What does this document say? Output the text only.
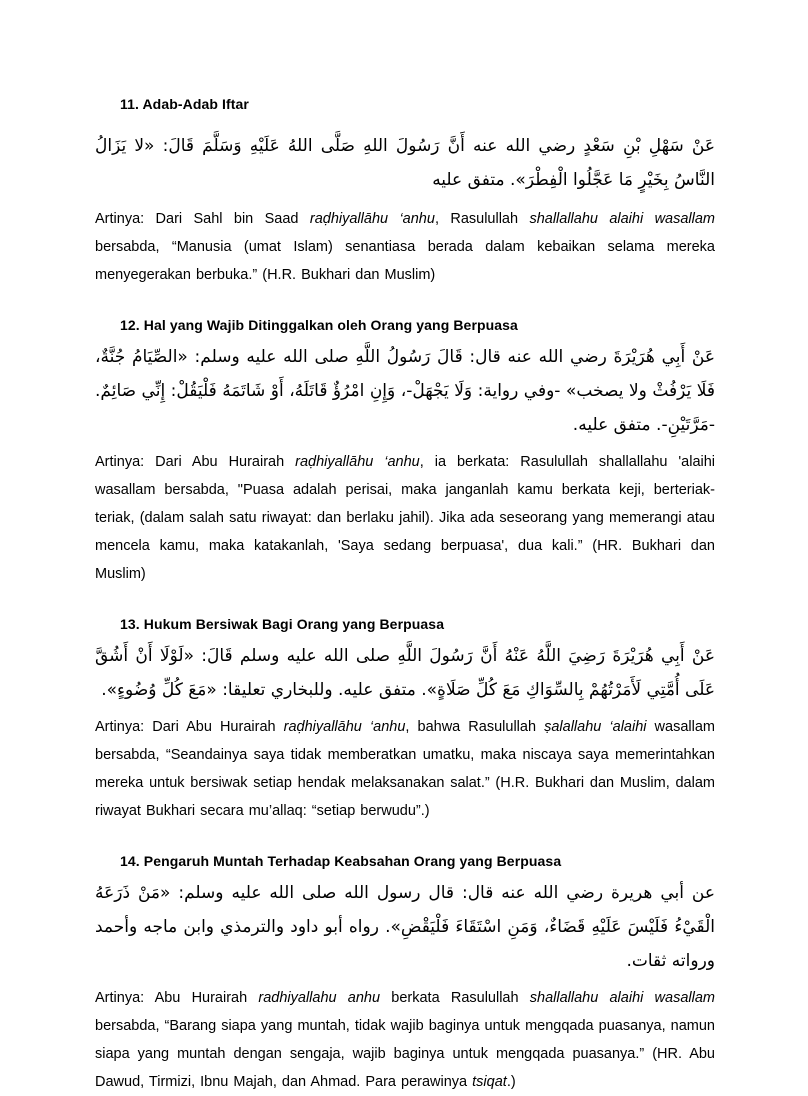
11. Adab-Adab Iftar

عَنْ سَهْلِ بْنِ سَعْدٍ رضي الله عنه أَنَّ رَسُولَ اللهِ صَلَّى اللهُ عَلَيْهِ وَسَلَّمَ قَالَ: «لا يَزَالُ النَّاسُ بِخَيْرٍ مَا عَجَّلُوا الْفِطْرَ». متفق عليه

Artinya: Dari Sahl bin Saad raḍhiyallāhu ‘anhu, Rasulullah shallallahu alaihi wasallam bersabda, “Manusia (umat Islam) senantiasa berada dalam kebaikan selama mereka menyegerakan berbuka.” (H.R. Bukhari dan Muslim)

12. Hal yang Wajib Ditinggalkan oleh Orang yang Berpuasa

عَنْ أَبِي هُرَيْرَةَ رضي الله عنه قال: قَالَ رَسُولُ اللَّهِ صلى الله عليه وسلم: «الصِّيَامُ جُنَّةٌ، فَلَا يَرْفُثْ ولا يصخب» -وفي رواية: وَلَا يَجْهَلْ-، وَإِنِ امْرُؤٌ قَاتَلَهُ، أَوْ شَاتَمَهُ فَلْيَقُلْ: إِنِّي صَائِمٌ. -مَرَّتَيْنِ-. متفق عليه.

Artinya: Dari Abu Hurairah raḍhiyallāhu ‘anhu, ia berkata: Rasulullah shallallahu 'alaihi wasallam bersabda, "Puasa adalah perisai, maka janganlah kamu berkata keji, berteriak-teriak, (dalam salah satu riwayat: dan berlaku jahil). Jika ada seseorang yang memerangi atau mencela kamu, maka katakanlah, 'Saya sedang berpuasa', dua kali.” (HR. Bukhari dan Muslim)

13. Hukum Bersiwak Bagi Orang yang Berpuasa

عَنْ أَبِي هُرَيْرَةَ رَضِيَ اللَّهُ عَنْهُ أَنَّ رَسُولَ اللَّهِ صلى الله عليه وسلم قَالَ: «لَوْلَا أَنْ أَشُقَّ عَلَى أُمَّتِي لَأَمَرْتُهُمْ بِالسِّوَاكِ مَعَ كُلِّ صَلَاةٍ». متفق عليه. وللبخاري تعليقا: «مَعَ كُلِّ وُضُوءٍ».

Artinya: Dari Abu Hurairah raḍhiyallāhu ‘anhu, bahwa Rasulullah ṣalallahu ‘alaihi wasallam bersabda, “Seandainya saya tidak memberatkan umatku, maka niscaya saya memerintahkan mereka untuk bersiwak setiap hendak melaksanakan salat.” (H.R. Bukhari dan Muslim, dalam riwayat Bukhari secara mu’allaq: “setiap berwudu”.)

14. Pengaruh Muntah Terhadap Keabsahan Orang yang Berpuasa

عن أبي هريرة رضي الله عنه قال: قال رسول الله صلى الله عليه وسلم: «مَنْ ذَرَعَهُ الْقَيْءُ فَلَيْسَ عَلَيْهِ قَضَاءٌ، وَمَنِ اسْتَقَاءَ فَلْيَقْضِ». رواه أبو داود والترمذي وابن ماجه وأحمد ورواته ثقات.

Artinya: Abu Hurairah radhiyallahu anhu berkata Rasulullah shallallahu alaihi wasallam bersabda, “Barang siapa yang muntah, tidak wajib baginya untuk mengqada puasanya, namun siapa yang muntah dengan sengaja, wajib baginya untuk mengqada puasanya.” (HR. Abu Dawud, Tirmizi, Ibnu Majah, dan Ahmad. Para perawinya tsiqat.)
